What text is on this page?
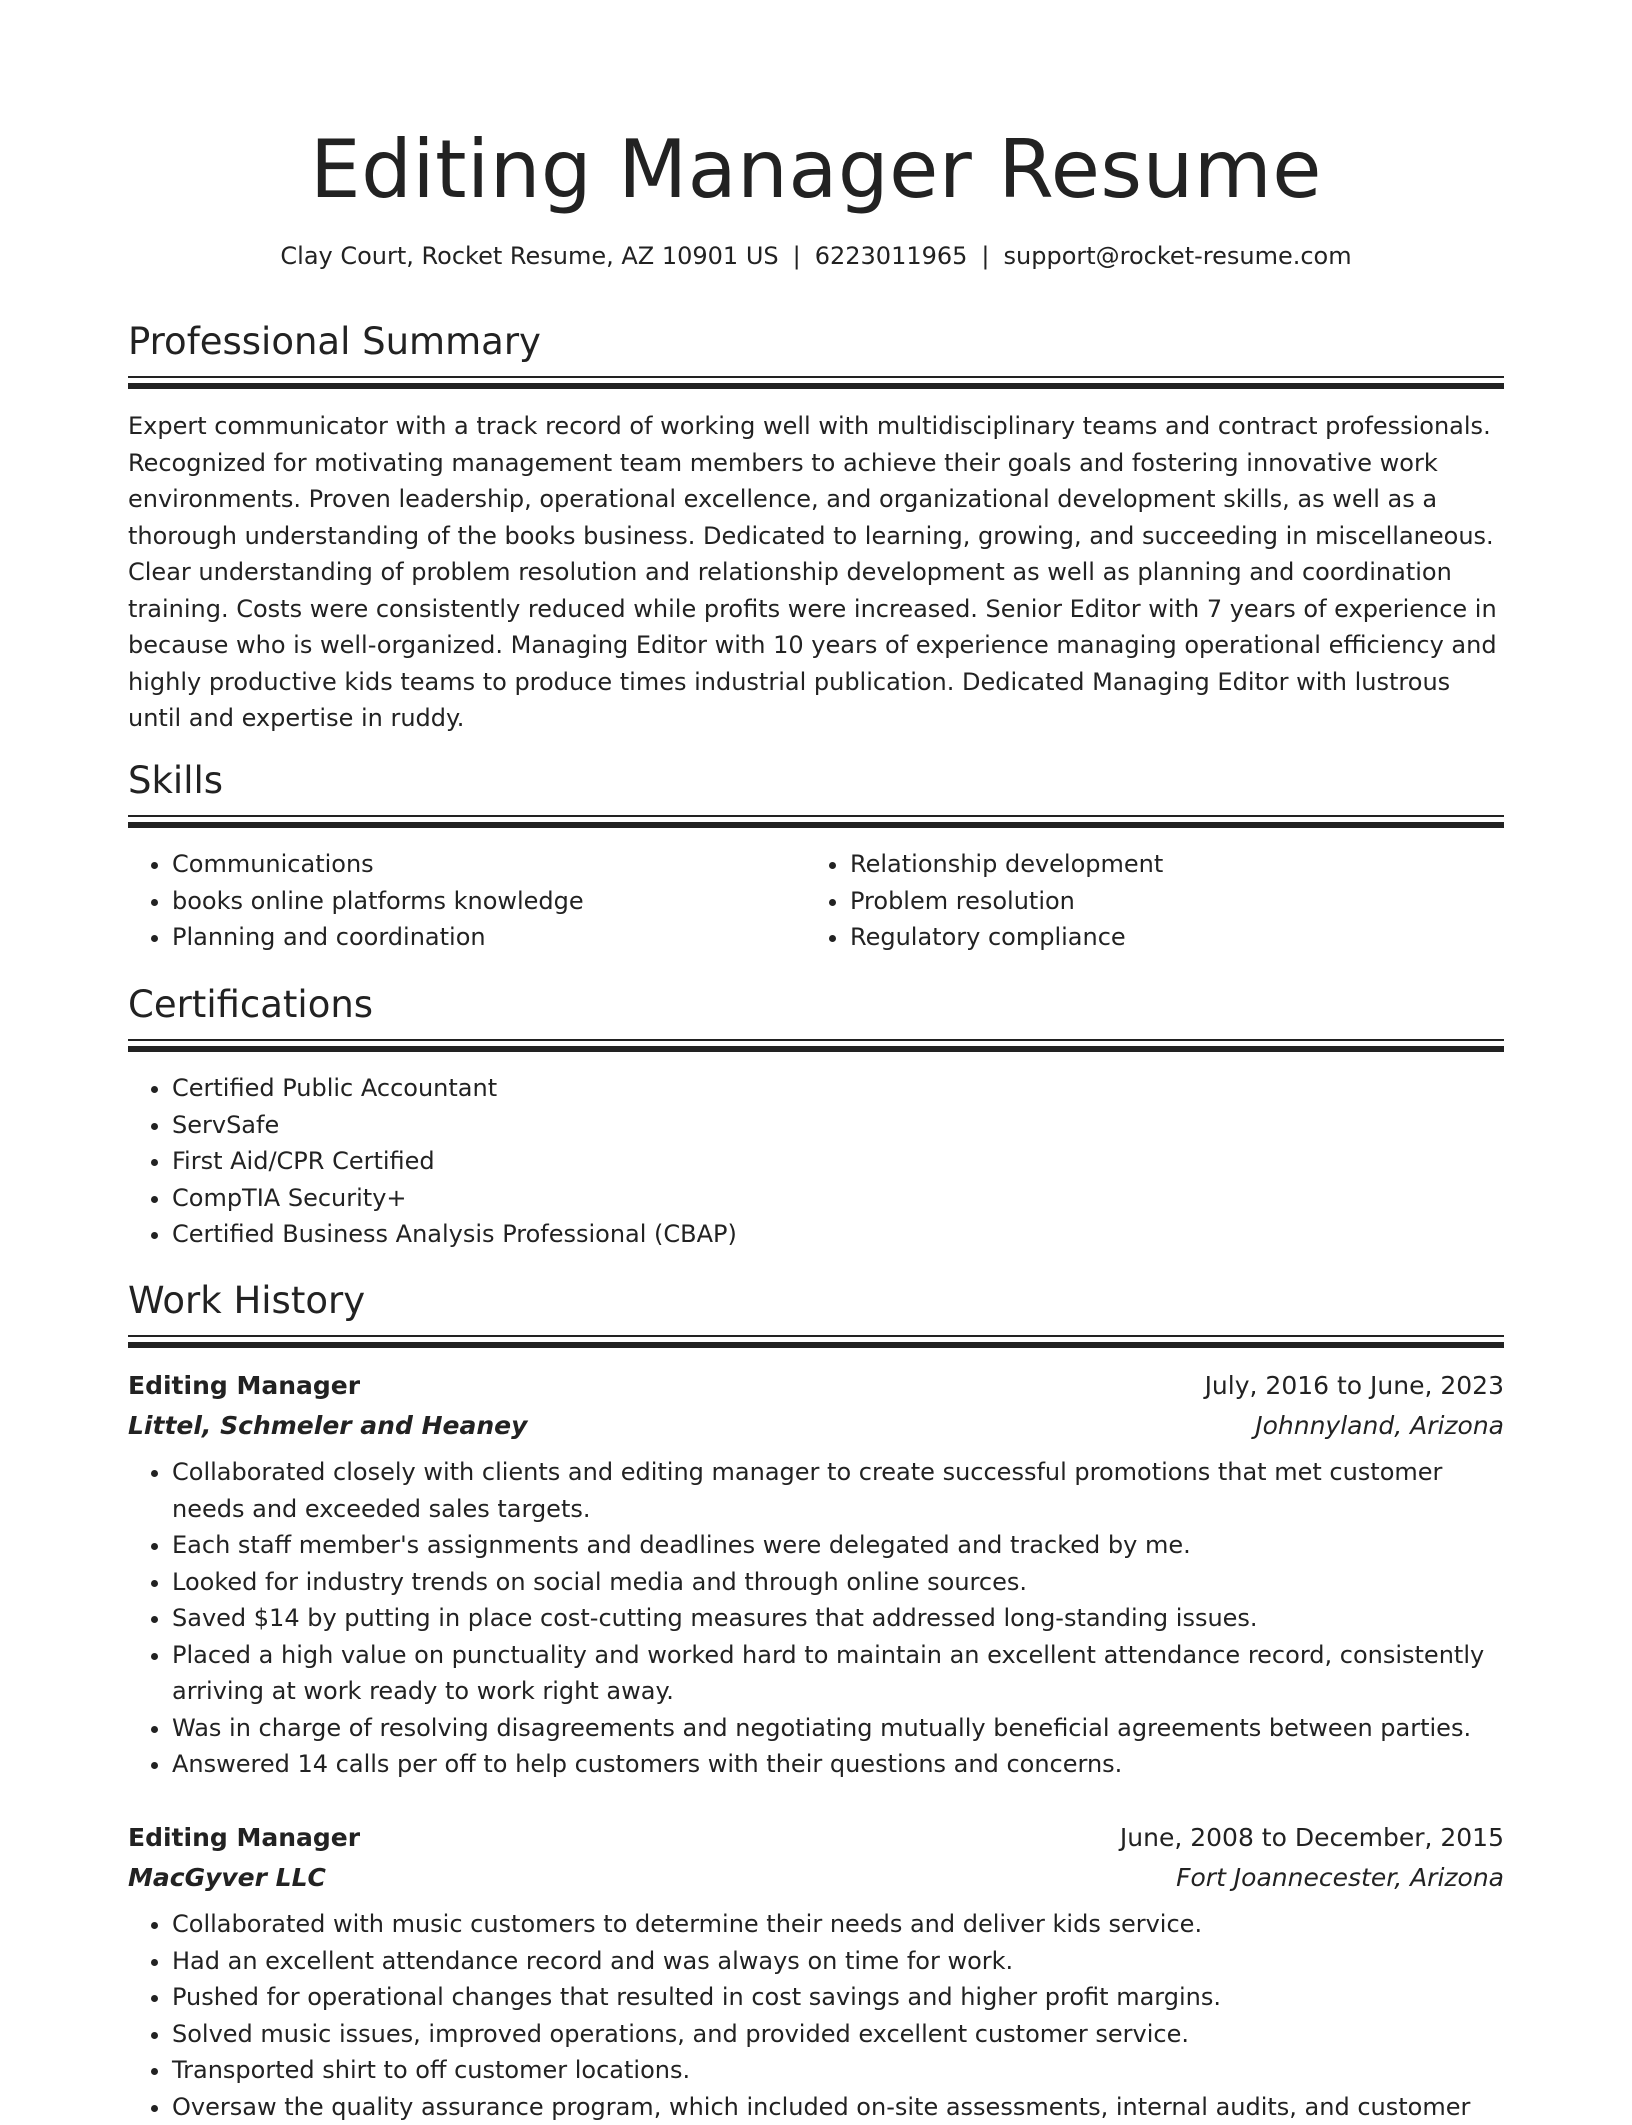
Editing Manager Resume
Clay Court, Rocket Resume, AZ 10901 US | 6223011965 | support@rocket-resume.com
Professional Summary

Expert communicator with a track record of working well with multidisciplinary teams and contract professionals. Recognized for motivating management team members to achieve their goals and fostering innovative work environments. Proven leadership, operational excellence, and organizational development skills, as well as a thorough understanding of the books business. Dedicated to learning, growing, and succeeding in miscellaneous. Clear understanding of problem resolution and relationship development as well as planning and coordination training. Costs were consistently reduced while profits were increased. Senior Editor with 7 years of experience in because who is well-organized. Managing Editor with 10 years of experience managing operational efficiency and highly productive kids teams to produce times industrial publication. Dedicated Managing Editor with lustrous until and expertise in ruddy.

Skills
• Communications
• books online platforms knowledge
• Planning and coordination
• Relationship development
• Problem resolution
• Regulatory compliance
Certifications
• Certified Public Accountant
• ServSafe
• First Aid/CPR Certified
• CompTIA Security+
• Certified Business Analysis Professional (CBAP)
Work History
Editing Manager	July, 2016 to June, 2023
Littel, Schmeler and Heaney	Johnnyland, Arizona
• Collaborated closely with clients and editing manager to create successful promotions that met customer needs and exceeded sales targets.
• Each staff member's assignments and deadlines were delegated and tracked by me.
• Looked for industry trends on social media and through online sources.
• Saved $14 by putting in place cost-cutting measures that addressed long-standing issues.
• Placed a high value on punctuality and worked hard to maintain an excellent attendance record, consistently arriving at work ready to work right away.
• Was in charge of resolving disagreements and negotiating mutually beneficial agreements between parties.
• Answered 14 calls per off to help customers with their questions and concerns.
Editing Manager	June, 2008 to December, 2015
MacGyver LLC	Fort Joannecester, Arizona
• Collaborated with music customers to determine their needs and deliver kids service.
• Had an excellent attendance record and was always on time for work.
• Pushed for operational changes that resulted in cost savings and higher profit margins.
• Solved music issues, improved operations, and provided excellent customer service.
• Transported shirt to off customer locations.
• Oversaw the quality assurance program, which included on-site assessments, internal audits, and customer
